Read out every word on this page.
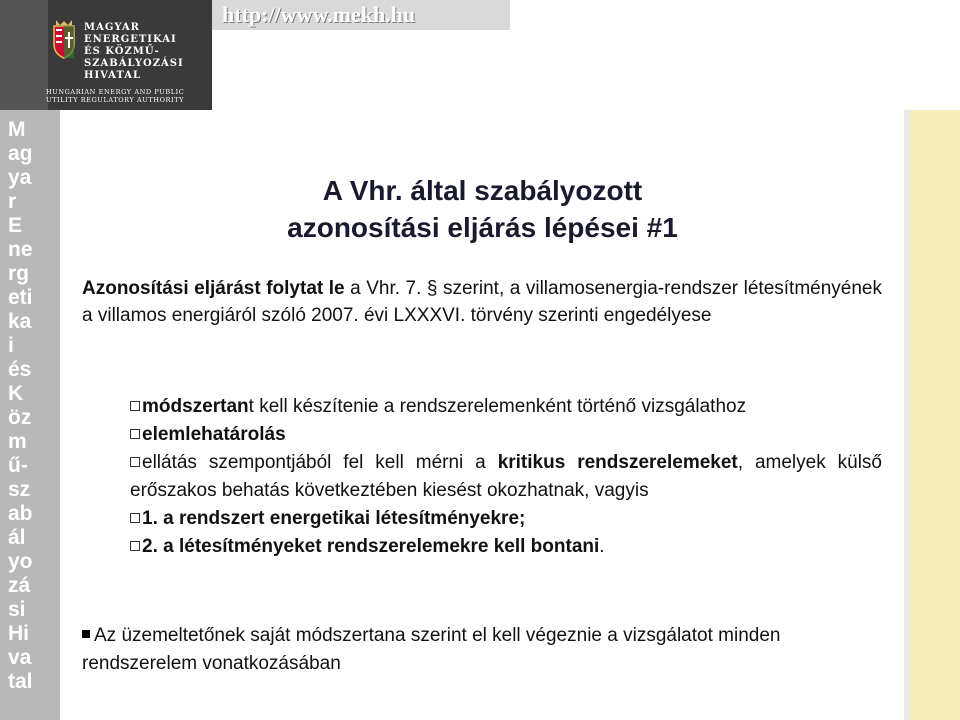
MAGYAR
ENERGETIKAI
ÉS KÖZMŰ-
SZABÁLYOZÁSI
HIVATAL
HUNGARIAN ENERGY AND PUBLIC
UTILITY REGULATORY AUTHORITY
http://www.mekh.hu
M
ag
ya
r
E
ne
rg
eti
ka
i
és
K
öz
m
ű-
sz
ab
ál
yo
zá
si
Hi
va
tal
A Vhr. által szabályozott
azonosítási eljárás lépései #1
Azonosítási eljárást folytat le a Vhr. 7. § szerint, a villamosenergia-rendszer létesítményének a villamos energiáról szóló 2007. évi LXXXVI. törvény szerinti engedélyese
módszertant kell készítenie a rendszerelemenként történő vizsgálathoz
elemlehatárolás
ellátás szempontjából fel kell mérni a kritikus rendszerelemeket, amelyek külső erőszakos behatás következtében kiesést okozhatnak, vagyis
1. a rendszert energetikai létesítményekre;
2. a létesítményeket rendszerelemekre kell bontani.
Az üzemeltetőnek saját módszertana szerint el kell végeznie a vizsgálatot minden rendszerelem vonatkozásában
